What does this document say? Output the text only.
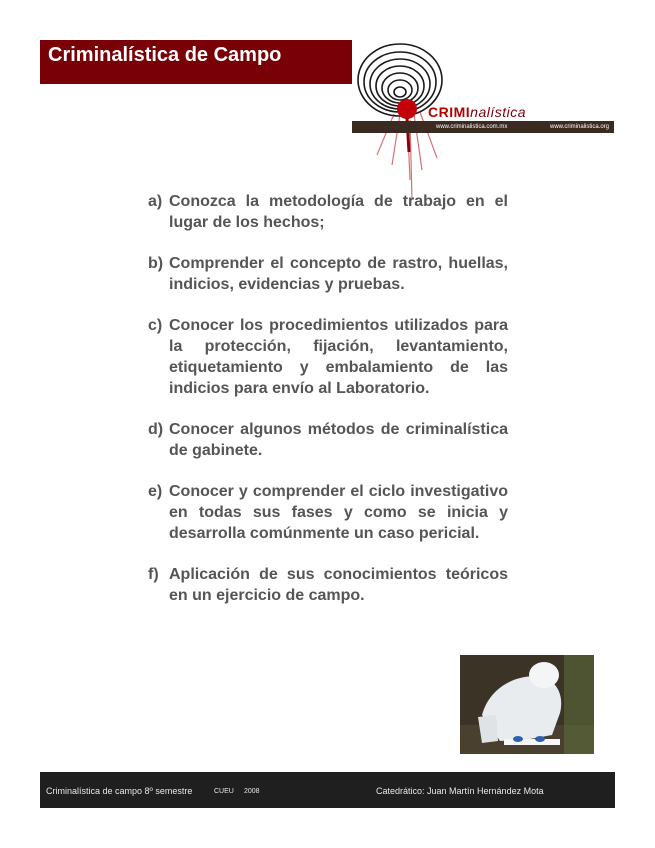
Criminalística de Campo
CRIMInalística
www.criminalistica.com.mx	www.criminalistica.org
a) Conozca la metodología de trabajo en el lugar de los hechos;
b) Comprender el concepto de rastro, huellas, indicios, evidencias y pruebas.
c) Conocer los procedimientos utilizados para la protección, fijación, levantamiento, etiquetamiento y embalamiento de las indicios para envío al Laboratorio.
d) Conocer algunos métodos de criminalística de gabinete.
e) Conocer y comprender el ciclo investigativo en todas sus fases y como se inicia y desarrolla comúnmente un caso pericial.
f) Aplicación de sus conocimientos teóricos en un ejercicio de campo.
Criminalística de campo 8º semestre	CUEU 2008	Catedrático: Juan Martín Hernández Mota
